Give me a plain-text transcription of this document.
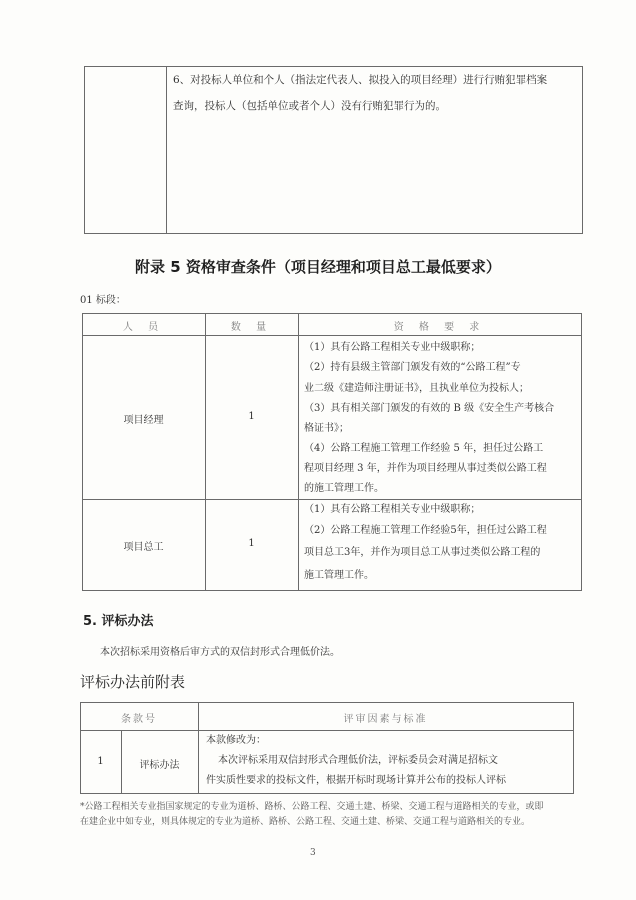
6、对投标人单位和个人（指法定代表人、拟投入的项目经理）进行行贿犯罪档案
查询，投标人（包括单位或者个人）没有行贿犯罪行为的。
附录 5 资格审查条件（项目经理和项目总工最低要求）
01 标段：
人 员	数 量	资 格 要 求
项目经理	1
（1）具有公路工程相关专业中级职称；
（2）持有县级主管部门颁发有效的“公路工程”专
业二级《建造师注册证书》，且执业单位为投标人；
（3）具有相关部门颁发的有效的 B 级《安全生产考核合
格证书》；
（4）公路工程施工管理工作经验 5 年，担任过公路工
程项目经理 3 年，并作为项目经理从事过类似公路工程
的施工管理工作。
项目总工	1
（1）具有公路工程相关专业中级职称；
（2）公路工程施工管理工作经验5年，担任过公路工程
项目总工3年，并作为项目总工从事过类似公路工程的
施工管理工作。
5. 评标办法
本次招标采用资格后审方式的双信封形式合理低价法。
评标办法前附表
条款号	评审因素与标准
1	评标办法
本款修改为：
本次评标采用双信封形式合理低价法，评标委员会对满足招标文
件实质性要求的投标文件，根据开标时现场计算并公布的投标人评标
*公路工程相关专业指国家规定的专业为道桥、路桥、公路工程、交通土建、桥梁、交通工程与道路相关的专业，或即
在建企业中如专业，则具体规定的专业为道桥、路桥、公路工程、交通土建、桥梁、交通工程与道路相关的专业。
3
